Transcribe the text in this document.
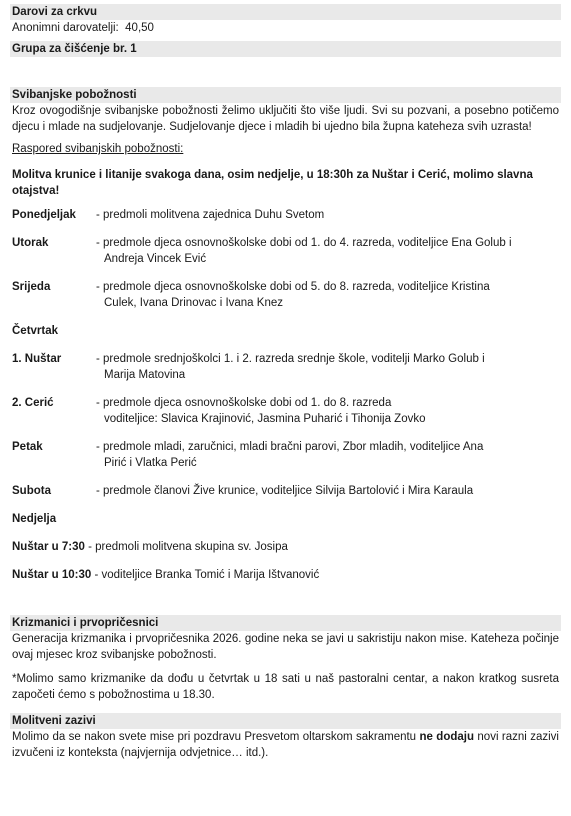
Darovi za crkvu
Anonimni darovatelji: 40,50
Grupa za čišćenje br. 1
Svibanjske pobožnosti
Kroz ovogodišnje svibanjske pobožnosti želimo uključiti što više ljudi. Svi su pozvani, a posebno potičemo djecu i mlade na sudjelovanje. Sudjelovanje djece i mladih bi ujedno bila župna kateheza svih uzrasta!
Raspored svibanjskih pobožnosti:
Molitva krunice i litanije svakoga dana, osim nedjelje, u 18:30h za Nuštar i Cerić, molimo slavna otajstva!
Ponedjeljak	- predmoli molitvena zajednica Duhu Svetom
Utorak	- predmole djeca osnovnoškolske dobi od 1. do 4. razreda, voditeljice Ena Golub i
Andreja Vincek Ević
Srijeda	- predmole djeca osnovnoškolske dobi od 5. do 8. razreda, voditeljice Kristina
Culek, Ivana Drinovac i Ivana Knez
Četvrtak
1. Nuštar	- predmole srednjoškolci 1. i 2. razreda srednje škole, voditelji Marko Golub i
Marija Matovina
2. Cerić	- predmole djeca osnovnoškolske dobi od 1. do 8. razreda
voditeljice: Slavica Krajinović, Jasmina Puharić i Tihonija Zovko
Petak	- predmole mladi, zaručnici, mladi bračni parovi, Zbor mladih, voditeljice Ana
Pirić i Vlatka Perić
Subota	- predmole članovi Žive krunice, voditeljice Silvija Bartolović i Mira Karaula
Nedjelja
Nuštar u 7:30 - predmoli molitvena skupina sv. Josipa
Nuštar u 10:30 - voditeljice Branka Tomić i Marija Ištvanović
Krizmanici i prvopričesnici
Generacija krizmanika i prvopričesnika 2026. godine neka se javi u sakristiju nakon mise. Kateheza počinje ovaj mjesec kroz svibanjske pobožnosti.
*Molimo samo krizmanike da dođu u četvrtak u 18 sati u naš pastoralni centar, a nakon kratkog susreta započeti ćemo s pobožnostima u 18.30.
Molitveni zazivi
Molimo da se nakon svete mise pri pozdravu Presvetom oltarskom sakramentu ne dodaju novi razni zazivi izvučeni iz konteksta (najvjernija odvjetnice… itd.).
